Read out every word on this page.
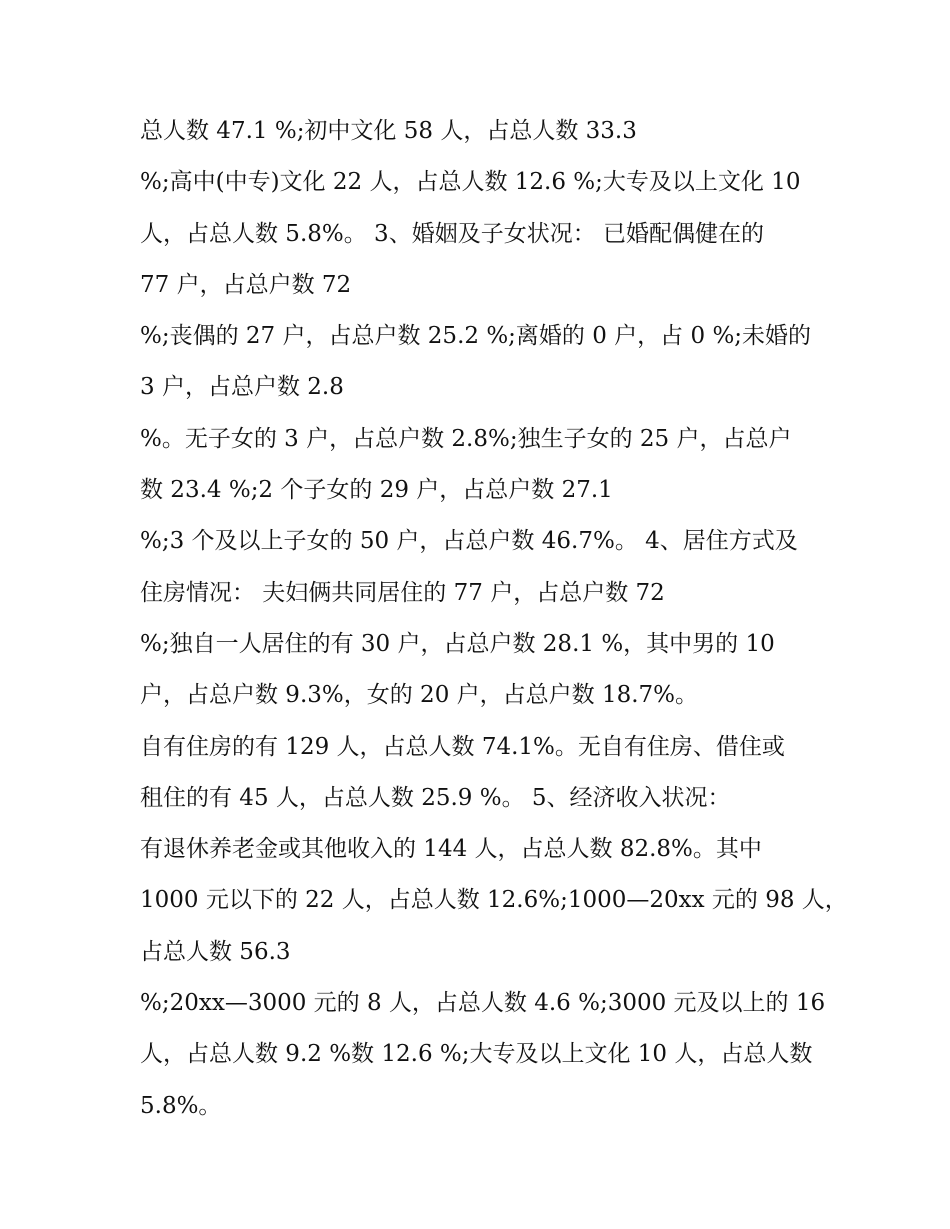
总人数 47.1 %;初中文化 58 人，占总人数 33.3
%;高中(中专)文化 22 人，占总人数 12.6 %;大专及以上文化 10
人，占总人数 5.8%。 3、婚姻及子女状况： 已婚配偶健在的
77 户，占总户数 72
%;丧偶的 27 户，占总户数 25.2 %;离婚的 0 户，占 0 %;未婚的
3 户，占总户数 2.8
%。无子女的 3 户，占总户数 2.8%;独生子女的 25 户，占总户
数 23.4 %;2 个子女的 29 户，占总户数 27.1
%;3 个及以上子女的 50 户，占总户数 46.7%。 4、居住方式及
住房情况： 夫妇俩共同居住的 77 户，占总户数 72
%;独自一人居住的有 30 户，占总户数 28.1 %，其中男的 10
户，占总户数 9.3%，女的 20 户，占总户数 18.7%。
自有住房的有 129 人，占总人数 74.1%。无自有住房、借住或
租住的有 45 人，占总人数 25.9 %。 5、经济收入状况：
有退休养老金或其他收入的 144 人，占总人数 82.8%。其中
1000 元以下的 22 人，占总人数 12.6%;1000—20xx 元的 98 人，
占总人数 56.3
%;20xx—3000 元的 8 人，占总人数 4.6 %;3000 元及以上的 16
人，占总人数 9.2 %数 12.6 %;大专及以上文化 10 人，占总人数
5.8%。
